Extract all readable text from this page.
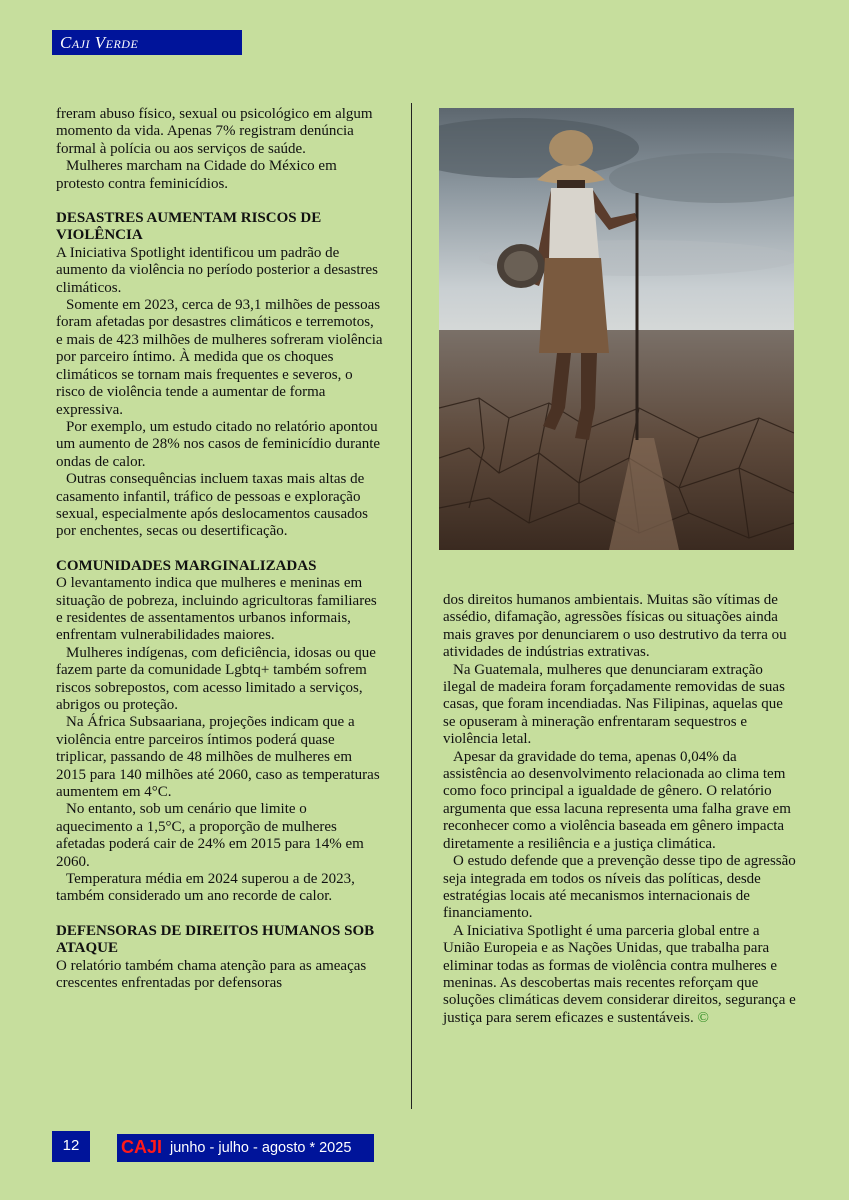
Caji Verde

freram abuso físico, sexual ou psicológico em algum momento da vida. Apenas 7% registram denúncia formal à polícia ou aos serviços de saúde.

Mulheres marcham na Cidade do México em protesto contra feminicídios.

DESASTRES AUMENTAM RISCOS DE VIOLÊNCIA

A Iniciativa Spotlight identificou um padrão de aumento da violência no período posterior a desastres climáticos.

Somente em 2023, cerca de 93,1 milhões de pessoas foram afetadas por desastres climáticos e terremotos, e mais de 423 milhões de mulheres sofreram violência por parceiro íntimo. À medida que os choques climáticos se tornam mais frequentes e severos, o risco de violência tende a aumentar de forma expressiva.

Por exemplo, um estudo citado no relatório apontou um aumento de 28% nos casos de feminicídio durante ondas de calor.

Outras consequências incluem taxas mais altas de casamento infantil, tráfico de pessoas e exploração sexual, especialmente após deslocamentos causados por enchentes, secas ou desertificação.

COMUNIDADES MARGINALIZADAS

O levantamento indica que mulheres e meninas em situação de pobreza, incluindo agricultoras familiares e residentes de assentamentos urbanos informais, enfrentam vulnerabilidades maiores.

Mulheres indígenas, com deficiência, idosas ou que fazem parte da comunidade Lgbtq+ também sofrem riscos sobrepostos, com acesso limitado a serviços, abrigos ou proteção.

Na África Subsaariana, projeções indicam que a violência entre parceiros íntimos poderá quase triplicar, passando de 48 milhões de mulheres em 2015 para 140 milhões até 2060, caso as temperaturas aumentem em 4°C.

No entanto, sob um cenário que limite o aquecimento a 1,5°C, a proporção de mulheres afetadas poderá cair de 24% em 2015 para 14% em 2060.

Temperatura média em 2024 superou a de 2023, também considerado um ano recorde de calor.

DEFENSORAS DE DIREITOS HUMANOS SOB ATAQUE

O relatório também chama atenção para as ameaças crescentes enfrentadas por defensoras

dos direitos humanos ambientais. Muitas são vítimas de assédio, difamação, agressões físicas ou situações ainda mais graves por denunciarem o uso destrutivo da terra ou atividades de indústrias extrativas.

Na Guatemala, mulheres que denunciaram extração ilegal de madeira foram forçadamente removidas de suas casas, que foram incendiadas. Nas Filipinas, aquelas que se opuseram à mineração enfrentaram sequestros e violência letal.

Apesar da gravidade do tema, apenas 0,04% da assistência ao desenvolvimento relacionada ao clima tem como foco principal a igualdade de gênero. O relatório argumenta que essa lacuna representa uma falha grave em reconhecer como a violência baseada em gênero impacta diretamente a resiliência e a justiça climática.

O estudo defende que a prevenção desse tipo de agressão seja integrada em todos os níveis das políticas, desde estratégias locais até mecanismos internacionais de financiamento.

A Iniciativa Spotlight é uma parceria global entre a União Europeia e as Nações Unidas, que trabalha para eliminar todas as formas de violência contra mulheres e meninas. As descobertas mais recentes reforçam que soluções climáticas devem considerar direitos, segurança e justiça para serem eficazes e sustentáveis. ©

12	CAJI junho - julho - agosto * 2025
